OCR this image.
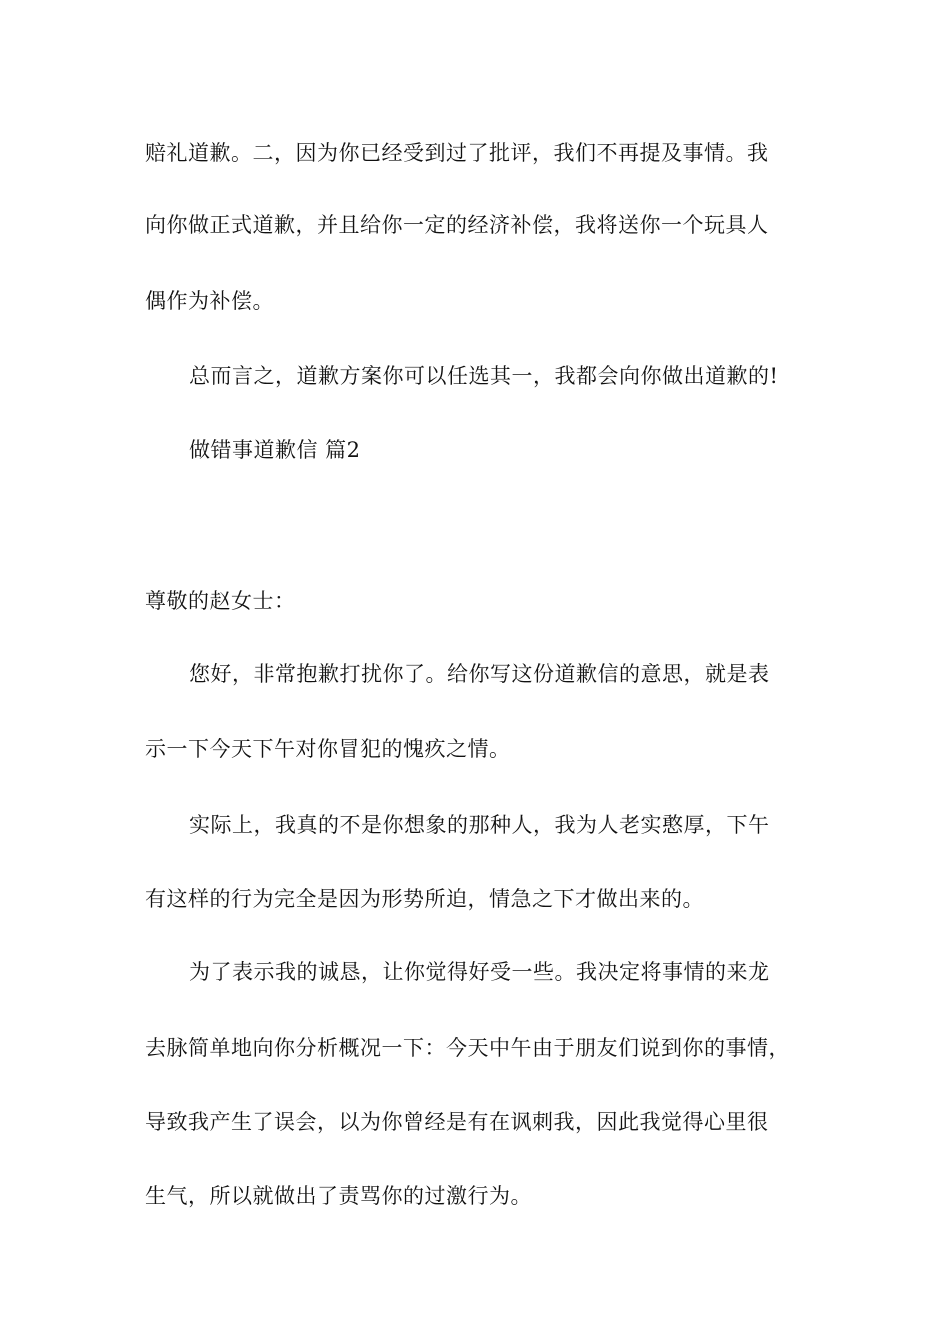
赔礼道歉。二，因为你已经受到过了批评，我们不再提及事情。我
向你做正式道歉，并且给你一定的经济补偿，我将送你一个玩具人
偶作为补偿。
总而言之，道歉方案你可以任选其一，我都会向你做出道歉的!
做错事道歉信 篇2
尊敬的赵女士：
您好，非常抱歉打扰你了。给你写这份道歉信的意思，就是表
示一下今天下午对你冒犯的愧疚之情。
实际上，我真的不是你想象的那种人，我为人老实憨厚，下午
有这样的行为完全是因为形势所迫，情急之下才做出来的。
为了表示我的诚恳，让你觉得好受一些。我决定将事情的来龙
去脉简单地向你分析概况一下：今天中午由于朋友们说到你的事情，
导致我产生了误会，以为你曾经是有在讽刺我，因此我觉得心里很
生气，所以就做出了责骂你的过激行为。
